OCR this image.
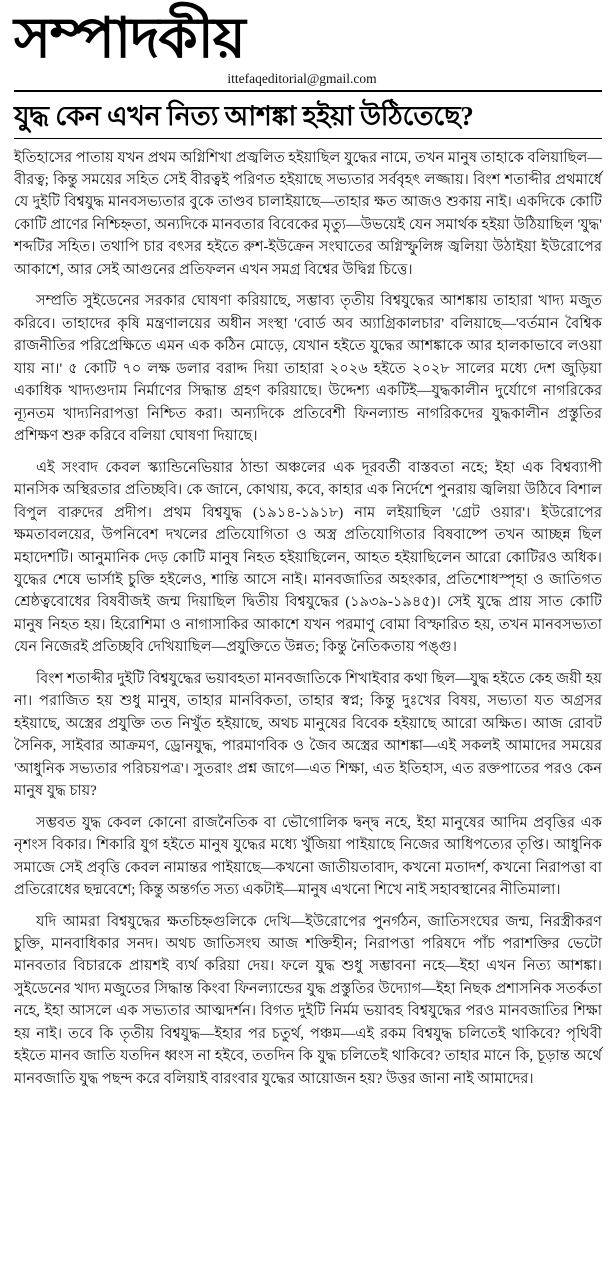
সম্পাদকীয়
ittefaqeditorial@gmail.com
যুদ্ধ কেন এখন নিত্য আশঙ্কা হইয়া উঠিতেছে?

ইতিহাসের পাতায় যখন প্রথম অগ্নিশিখা প্রজ্বলিত হইয়াছিল যুদ্ধের নামে, তখন মানুষ তাহাকে বলিয়াছিল—বীরত্ব; কিন্তু সময়ের সহিত সেই বীরত্বই পরিণত হইয়াছে সভ্যতার সর্ববৃহৎ লজ্জায়। বিংশ শতাব্দীর প্রথমার্ধে যে দুইটি বিশ্বযুদ্ধ মানবসভ্যতার বুকে তাণ্ডব চালাইয়াছে—তাহার ক্ষত আজও শুকায় নাই। একদিকে কোটি কোটি প্রাণের নিশ্চিহ্নতা, অন্যদিকে মানবতার বিবেকের মৃত্যু—উভয়েই যেন সমার্থক হইয়া উঠিয়াছিল 'যুদ্ধ' শব্দটির সহিত। তথাপি চার বৎসর হইতে রুশ-ইউক্রেন সংঘাতের অগ্নিস্ফুলিঙ্গ জ্বলিয়া উঠাইয়া ইউরোপের আকাশে, আর সেই আগুনের প্রতিফলন এখন সমগ্র বিশ্বের উদ্বিগ্ন চিত্তে।

সম্প্রতি সুইডেনের সরকার ঘোষণা করিয়াছে, সম্ভাব্য তৃতীয় বিশ্বযুদ্ধের আশঙ্কায় তাহারা খাদ্য মজুত করিবে। তাহাদের কৃষি মন্ত্রণালয়ের অধীন সংস্থা 'বোর্ড অব অ্যাগ্রিকালচার' বলিয়াছে—'বর্তমান বৈশ্বিক রাজনীতির পরিপ্রেক্ষিতে এমন এক কঠিন মোড়ে, যেখান হইতে যুদ্ধের আশঙ্কাকে আর হালকাভাবে লওয়া যায় না।' ৫ কোটি ৭০ লক্ষ ডলার বরাদ্দ দিয়া তাহারা ২০২৬ হইতে ২০২৮ সালের মধ্যে দেশ জুড়িয়া একাধিক খাদ্যগুদাম নির্মাণের সিদ্ধান্ত গ্রহণ করিয়াছে। উদ্দেশ্য একটিই—যুদ্ধকালীন দুর্যোগে নাগরিকের ন্যূনতম খাদ্যনিরাপত্তা নিশ্চিত করা। অন্যদিকে প্রতিবেশী ফিনল্যান্ড নাগরিকদের যুদ্ধকালীন প্রস্তুতির প্রশিক্ষণ শুরু করিবে বলিয়া ঘোষণা দিয়াছে।

এই সংবাদ কেবল স্ক্যান্ডিনেভিয়ার ঠান্ডা অঞ্চলের এক দূরবর্তী বাস্তবতা নহে; ইহা এক বিশ্বব্যাপী মানসিক অস্থিরতার প্রতিচ্ছবি। কে জানে, কোথায়, কবে, কাহার এক নির্দেশে পুনরায় জ্বলিয়া উঠিবে বিশাল বিপুল বারুদের প্রদীপ। প্রথম বিশ্বযুদ্ধ (১৯১৪-১৯১৮) নাম লইয়াছিল 'গ্রেট ওয়ার'। ইউরোপের ক্ষমতাবলয়ের, উপনিবেশ দখলের প্রতিযোগিতা ও অস্ত্র প্রতিযোগিতার বিষবাষ্পে তখন আচ্ছন্ন ছিল মহাদেশটি। আনুমানিক দেড় কোটি মানুষ নিহত হইয়াছিলেন, আহত হইয়াছিলেন আরো কোটিরও অধিক। যুদ্ধের শেষে ভার্সাই চুক্তি হইলেও, শান্তি আসে নাই। মানবজাতির অহংকার, প্রতিশোধস্পৃহা ও জাতিগত শ্রেষ্ঠত্ববোধের বিষবীজই জন্ম দিয়াছিল দ্বিতীয় বিশ্বযুদ্ধের (১৯৩৯-১৯৪৫)। সেই যুদ্ধে প্রায় সাত কোটি মানুষ নিহত হয়। হিরোশিমা ও নাগাসাকির আকাশে যখন পরমাণু বোমা বিস্ফারিত হয়, তখন মানবসভ্যতা যেন নিজেরই প্রতিচ্ছবি দেখিয়াছিল—প্রযুক্তিতে উন্নত; কিন্তু নৈতিকতায় পঙ্গু।

বিংশ শতাব্দীর দুইটি বিশ্বযুদ্ধের ভয়াবহতা মানবজাতিকে শিখাইবার কথা ছিল—যুদ্ধ হইতে কেহ জয়ী হয় না। পরাজিত হয় শুধু মানুষ, তাহার মানবিকতা, তাহার স্বপ্ন; কিন্তু দুঃখের বিষয়, সভ্যতা যত অগ্রসর হইয়াছে, অস্ত্রের প্রযুক্তি তত নিখুঁত হইয়াছে, অথচ মানুষের বিবেক হইয়াছে আরো অক্ষিত। আজ রোবট সৈনিক, সাইবার আক্রমণ, ড্রোনযুদ্ধ, পারমাণবিক ও জৈব অস্ত্রের আশঙ্কা—এই সকলই আমাদের সময়ের 'আধুনিক সভ্যতার পরিচয়পত্র'। সুতরাং প্রশ্ন জাগে—এত শিক্ষা, এত ইতিহাস, এত রক্তপাতের পরও কেন মানুষ যুদ্ধ চায়?

সম্ভবত যুদ্ধ কেবল কোনো রাজনৈতিক বা ভৌগোলিক দ্বন্দ্ব নহে, ইহা মানুষের আদিম প্রবৃত্তির এক নৃশংস বিকার। শিকারি যুগ হইতে মানুষ যুদ্ধের মধ্যে খুঁজিয়া পাইয়াছে নিজের আধিপত্যের তৃপ্তি। আধুনিক সমাজে সেই প্রবৃত্তি কেবল নামান্তর পাইয়াছে—কখনো জাতীয়তাবাদ, কখনো মতাদর্শ, কখনো নিরাপত্তা বা প্রতিরোধের ছদ্মবেশে; কিন্তু অন্তর্গত সত্য একটাই—মানুষ এখনো শিখে নাই সহাবস্থানের নীতিমালা।

যদি আমরা বিশ্বযুদ্ধের ক্ষতচিহ্নগুলিকে দেখি—ইউরোপের পুনর্গঠন, জাতিসংঘের জন্ম, নিরস্ত্রীকরণ চুক্তি, মানবাধিকার সনদ। অথচ জাতিসংঘ আজ শক্তিহীন; নিরাপত্তা পরিষদে পাঁচ পরাশক্তির ভেটো মানবতার বিচারকে প্রায়শই ব্যর্থ করিয়া দেয়। ফলে যুদ্ধ শুধু সম্ভাবনা নহে—ইহা এখন নিত্য আশঙ্কা। সুইডেনের খাদ্য মজুতের সিদ্ধান্ত কিংবা ফিনল্যান্ডের যুদ্ধ প্রস্তুতির উদ্যোগ—ইহা নিছক প্রশাসনিক সতর্কতা নহে, ইহা আসলে এক সভ্যতার আত্মদর্শন। বিগত দুইটি নির্মম ভয়াবহ বিশ্বযুদ্ধের পরও মানবজাতির শিক্ষা হয় নাই। তবে কি তৃতীয় বিশ্বযুদ্ধ—ইহার পর চতুর্থ, পঞ্চম—এই রকম বিশ্বযুদ্ধ চলিতেই থাকিবে? পৃথিবী হইতে মানব জাতি যতদিন ধ্বংস না হইবে, ততদিন কি যুদ্ধ চলিতেই থাকিবে? তাহার মানে কি, চূড়ান্ত অর্থে মানবজাতি যুদ্ধ পছন্দ করে বলিয়াই বারংবার যুদ্ধের আয়োজন হয়? উত্তর জানা নাই আমাদের।
